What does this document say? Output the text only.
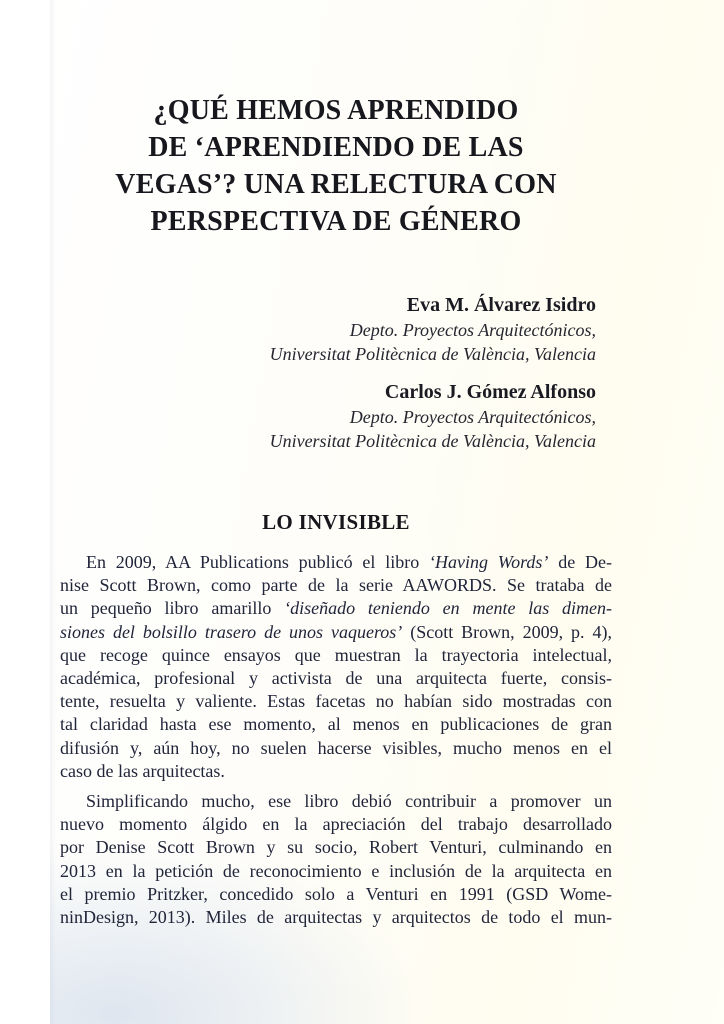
¿QUÉ HEMOS APRENDIDO
DE ‘APRENDIENDO DE LAS
VEGAS’? UNA RELECTURA CON
PERSPECTIVA DE GÉNERO
Eva M. Álvarez Isidro
Depto. Proyectos Arquitectónicos,
Universitat Politècnica de València, Valencia
Carlos J. Gómez Alfonso
Depto. Proyectos Arquitectónicos,
Universitat Politècnica de València, Valencia
LO INVISIBLE
En 2009, AA Publications publicó el libro ‘Having Words’ de De-
nise Scott Brown, como parte de la serie AAWORDS. Se trataba de
un pequeño libro amarillo ‘diseñado teniendo en mente las dimen-
siones del bolsillo trasero de unos vaqueros’ (Scott Brown, 2009, p. 4),
que recoge quince ensayos que muestran la trayectoria intelectual,
académica, profesional y activista de una arquitecta fuerte, consis-
tente, resuelta y valiente. Estas facetas no habían sido mostradas con
tal claridad hasta ese momento, al menos en publicaciones de gran
difusión y, aún hoy, no suelen hacerse visibles, mucho menos en el
caso de las arquitectas.
Simplificando mucho, ese libro debió contribuir a promover un
nuevo momento álgido en la apreciación del trabajo desarrollado
por Denise Scott Brown y su socio, Robert Venturi, culminando en
2013 en la petición de reconocimiento e inclusión de la arquitecta en
el premio Pritzker, concedido solo a Venturi en 1991 (GSD Wome-
ninDesign, 2013). Miles de arquitectas y arquitectos de todo el mun-
